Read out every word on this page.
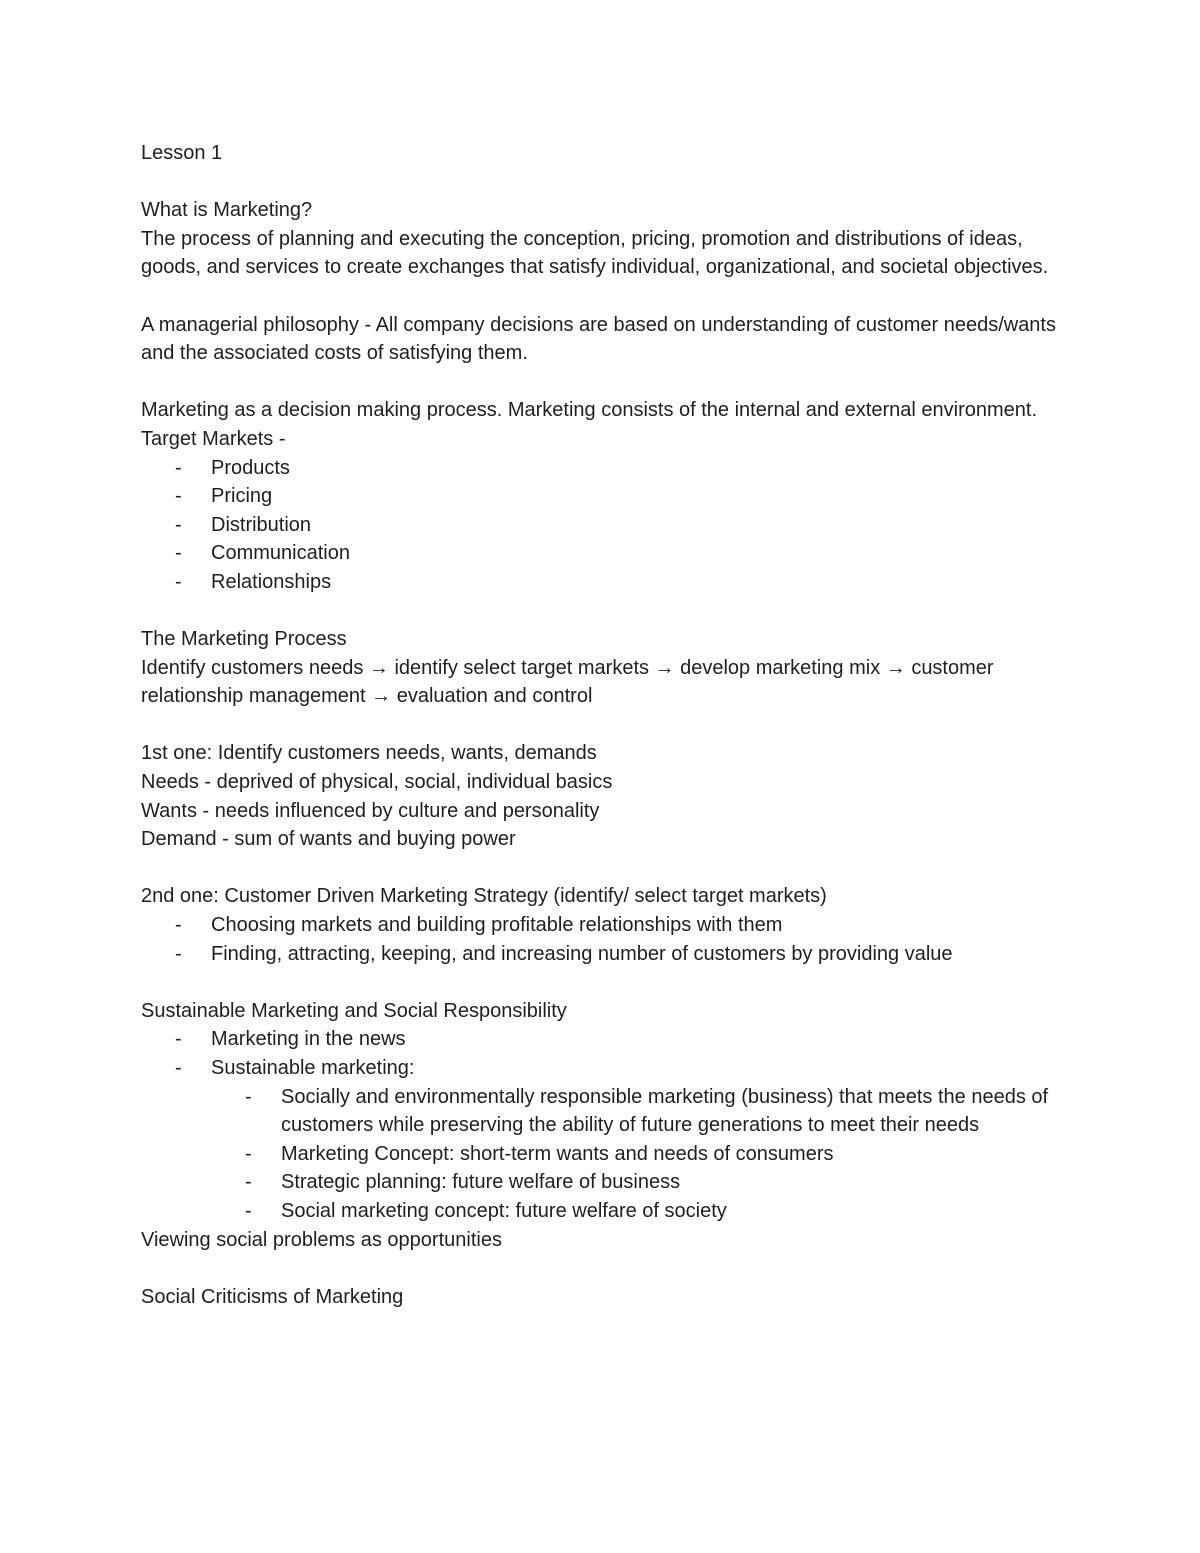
Lesson 1

What is Marketing?

The process of planning and executing the conception, pricing, promotion and distributions of ideas, goods, and services to create exchanges that satisfy individual, organizational, and societal objectives.

A managerial philosophy - All company decisions are based on understanding of customer needs/wants and the associated costs of satisfying them.

Marketing as a decision making process. Marketing consists of the internal and external environment.

Target Markets -

- Products
- Pricing
- Distribution
- Communication
- Relationships

The Marketing Process

Identify customers needs → identify select target markets → develop marketing mix → customer relationship management → evaluation and control

1st one: Identify customers needs, wants, demands

Needs - deprived of physical, social, individual basics

Wants - needs influenced by culture and personality

Demand - sum of wants and buying power

2nd one: Customer Driven Marketing Strategy (identify/ select target markets)

- Choosing markets and building profitable relationships with them
- Finding, attracting, keeping, and increasing number of customers by providing value

Sustainable Marketing and Social Responsibility

- Marketing in the news
- Sustainable marketing:
- Socially and environmentally responsible marketing (business) that meets the needs of customers while preserving the ability of future generations to meet their needs
- Marketing Concept: short-term wants and needs of consumers
- Strategic planning: future welfare of business
- Social marketing concept: future welfare of society

Viewing social problems as opportunities

Social Criticisms of Marketing
